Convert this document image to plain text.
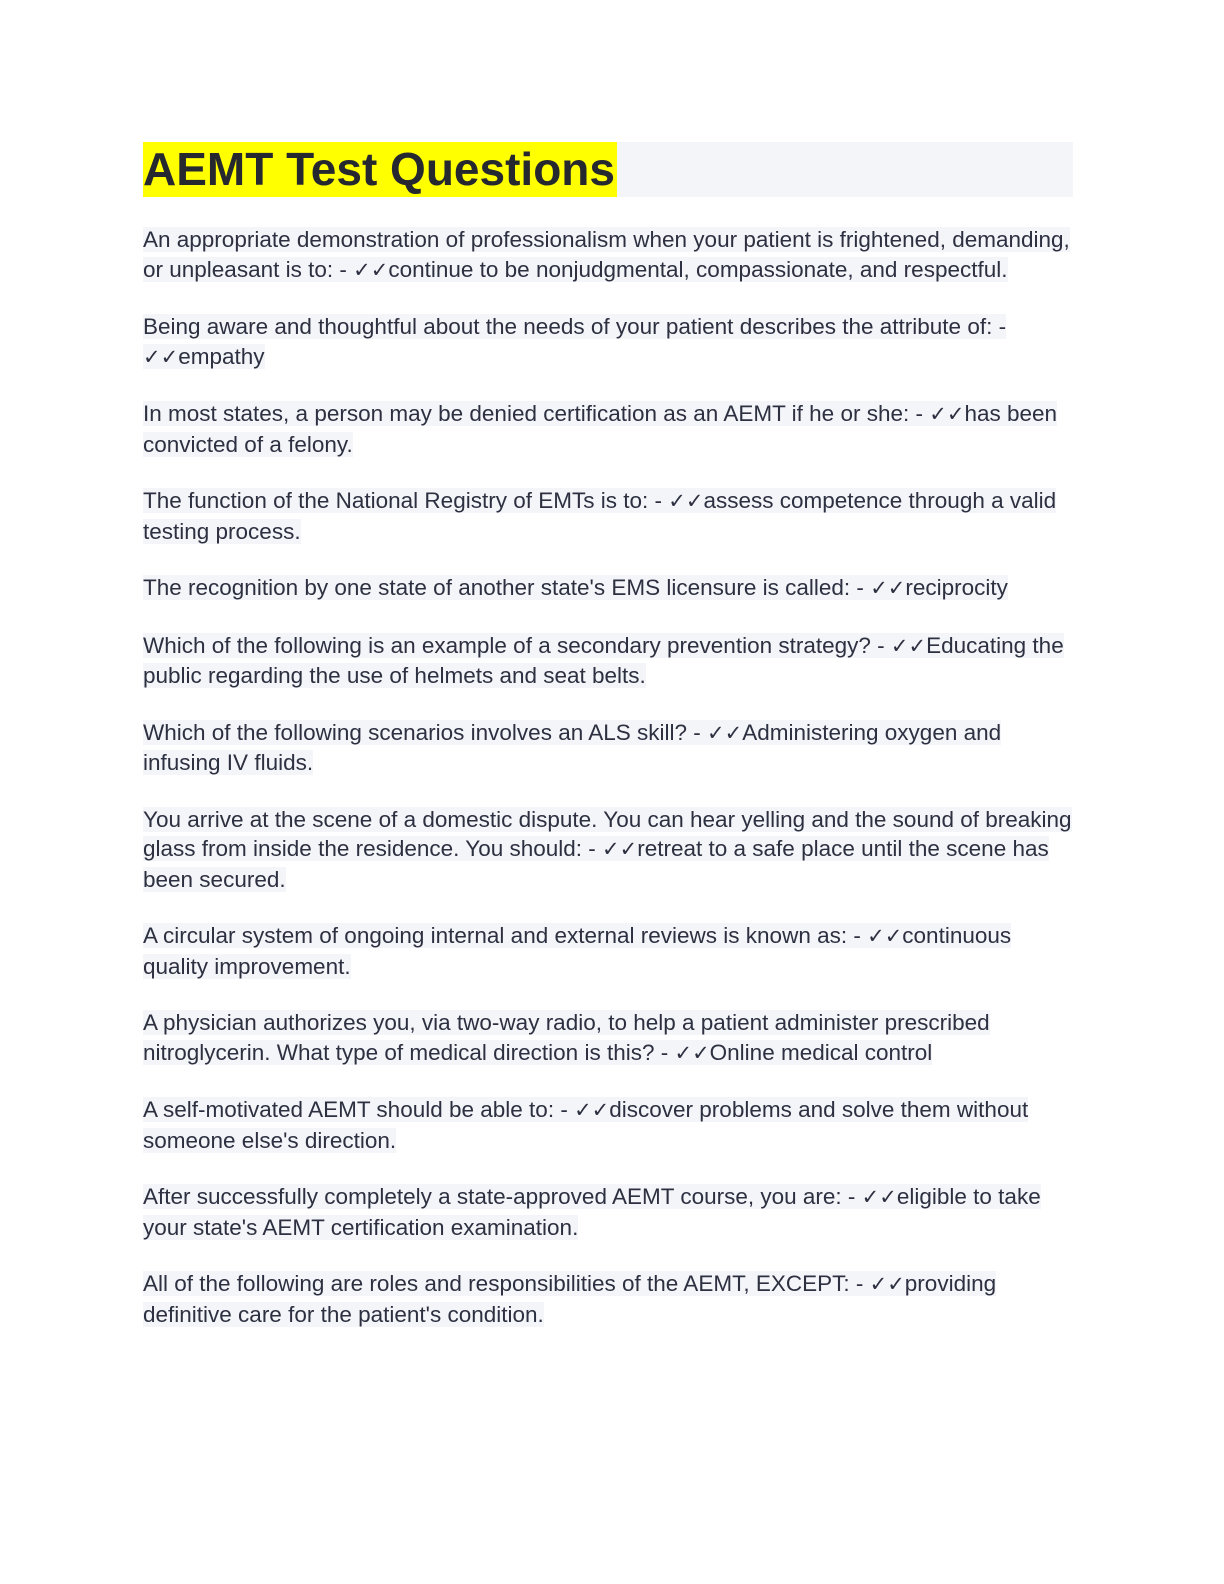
AEMT Test Questions

An appropriate demonstration of professionalism when your patient is frightened, demanding, or unpleasant is to: - ✓✓continue to be nonjudgmental, compassionate, and respectful.

Being aware and thoughtful about the needs of your patient describes the attribute of: - ✓✓empathy

In most states, a person may be denied certification as an AEMT if he or she: - ✓✓has been convicted of a felony.

The function of the National Registry of EMTs is to: - ✓✓assess competence through a valid testing process.

The recognition by one state of another state's EMS licensure is called: - ✓✓reciprocity

Which of the following is an example of a secondary prevention strategy? - ✓✓Educating the public regarding the use of helmets and seat belts.

Which of the following scenarios involves an ALS skill? - ✓✓Administering oxygen and infusing IV fluids.

You arrive at the scene of a domestic dispute. You can hear yelling and the sound of breaking glass from inside the residence. You should: - ✓✓retreat to a safe place until the scene has been secured.

A circular system of ongoing internal and external reviews is known as: - ✓✓continuous quality improvement.

A physician authorizes you, via two-way radio, to help a patient administer prescribed nitroglycerin. What type of medical direction is this? - ✓✓Online medical control

A self-motivated AEMT should be able to: - ✓✓discover problems and solve them without someone else's direction.

After successfully completely a state-approved AEMT course, you are: - ✓✓eligible to take your state's AEMT certification examination.

All of the following are roles and responsibilities of the AEMT, EXCEPT: - ✓✓providing definitive care for the patient's condition.
